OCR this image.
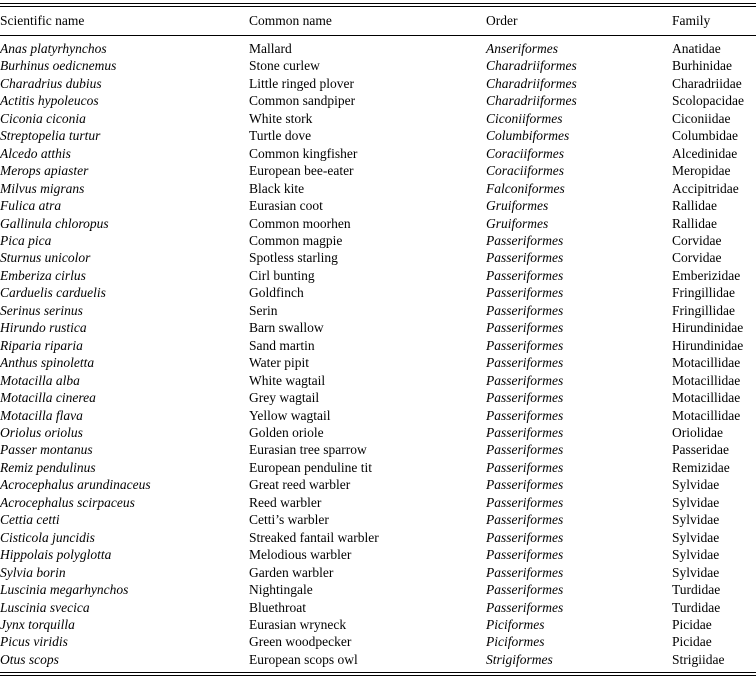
Scientific name	Common name	Order	Family
Anas platyrhynchos	Mallard	Anseriformes	Anatidae
Burhinus oedicnemus	Stone curlew	Charadriiformes	Burhinidae
Charadrius dubius	Little ringed plover	Charadriiformes	Charadriidae
Actitis hypoleucos	Common sandpiper	Charadriiformes	Scolopacidae
Ciconia ciconia	White stork	Ciconiiformes	Ciconiidae
Streptopelia turtur	Turtle dove	Columbiformes	Columbidae
Alcedo atthis	Common kingfisher	Coraciiformes	Alcedinidae
Merops apiaster	European bee-eater	Coraciiformes	Meropidae
Milvus migrans	Black kite	Falconiformes	Accipitridae
Fulica atra	Eurasian coot	Gruiformes	Rallidae
Gallinula chloropus	Common moorhen	Gruiformes	Rallidae
Pica pica	Common magpie	Passeriformes	Corvidae
Sturnus unicolor	Spotless starling	Passeriformes	Corvidae
Emberiza cirlus	Cirl bunting	Passeriformes	Emberizidae
Carduelis carduelis	Goldfinch	Passeriformes	Fringillidae
Serinus serinus	Serin	Passeriformes	Fringillidae
Hirundo rustica	Barn swallow	Passeriformes	Hirundinidae
Riparia riparia	Sand martin	Passeriformes	Hirundinidae
Anthus spinoletta	Water pipit	Passeriformes	Motacillidae
Motacilla alba	White wagtail	Passeriformes	Motacillidae
Motacilla cinerea	Grey wagtail	Passeriformes	Motacillidae
Motacilla flava	Yellow wagtail	Passeriformes	Motacillidae
Oriolus oriolus	Golden oriole	Passeriformes	Oriolidae
Passer montanus	Eurasian tree sparrow	Passeriformes	Passeridae
Remiz pendulinus	European penduline tit	Passeriformes	Remizidae
Acrocephalus arundinaceus	Great reed warbler	Passeriformes	Sylvidae
Acrocephalus scirpaceus	Reed warbler	Passeriformes	Sylvidae
Cettia cetti	Cetti’s warbler	Passeriformes	Sylvidae
Cisticola juncidis	Streaked fantail warbler	Passeriformes	Sylvidae
Hippolais polyglotta	Melodious warbler	Passeriformes	Sylvidae
Sylvia borin	Garden warbler	Passeriformes	Sylvidae
Luscinia megarhynchos	Nightingale	Passeriformes	Turdidae
Luscinia svecica	Bluethroat	Passeriformes	Turdidae
Jynx torquilla	Eurasian wryneck	Piciformes	Picidae
Picus viridis	Green woodpecker	Piciformes	Picidae
Otus scops	European scops owl	Strigiformes	Strigiidae
